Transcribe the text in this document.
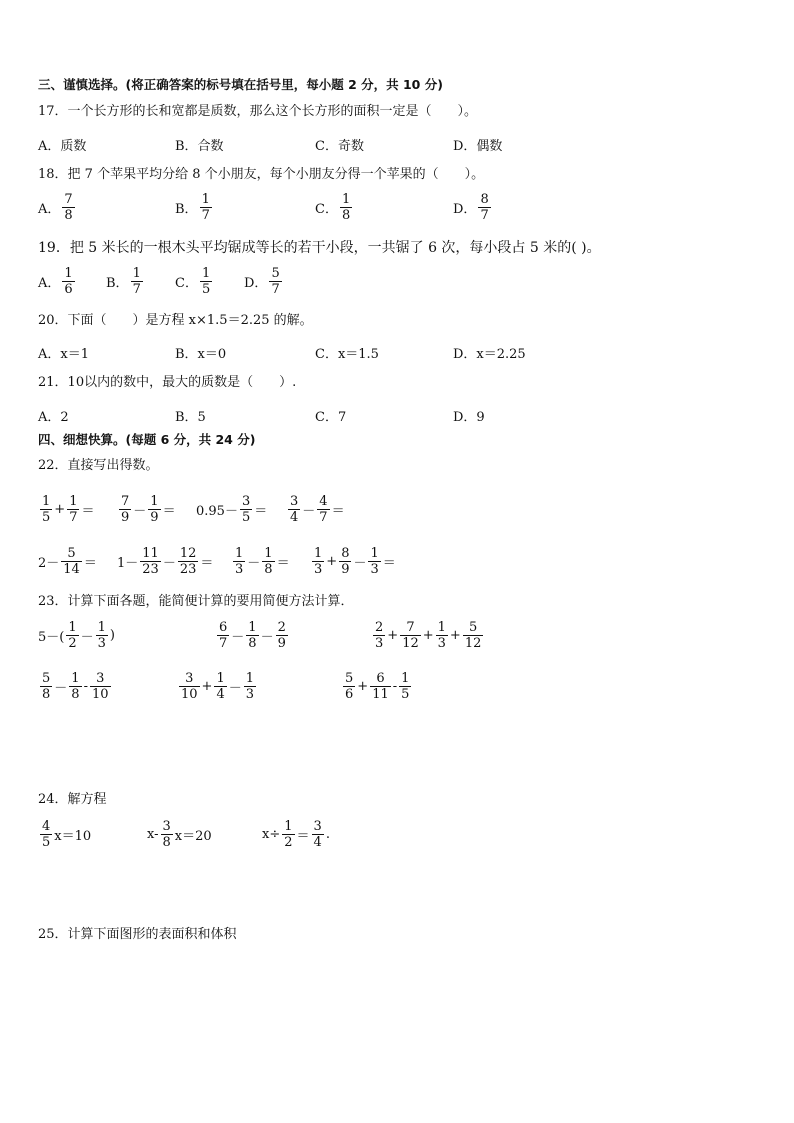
三、谨慎选择。(将正确答案的标号填在括号里，每小题 2 分，共 10 分)
17．一个长方形的长和宽都是质数，那么这个长方形的面积一定是（　　）。
A．质数	B．合数	C．奇数	D．偶数
18．把 7 个苹果平均分给 8 个小朋友，每个小朋友分得一个苹果的（　　）。
A．
7
8	B．
1
7	C．
1
8	D．
8
7
19．把 5 米长的一根木头平均锯成等长的若干小段，一共锯了 6 次，每小段占 5 米的( )。
A．
1
6	B．
1
7	C．
1
5	D．
5
7
20．下面（　　）是方程 x×1.5＝2.25 的解。
A．x＝1	B．x＝0	C．x＝1.5	D．x＝2.25
21．10以内的数中，最大的质数是（　　）.
A．2	B．5	C．7	D．9
四、细想快算。(每题 6 分，共 24 分)
22．直接写出得数。
1
5
+ $\frac{1}{7}$ ＝
7
9 －
1
9 ＝ 0.95－
3
5 ＝
3
4 －
4
7 ＝
2－
5
14 ＝ 1－
11
23 －
12
23 ＝
1
3 －
1
8 ＝
1
3
+ $\frac{8}{9}$ －
1
3 ＝
23．计算下面各题，能简便计算的要用简便方法计算．
5－(
1
2 －
1
3
)
6
7 －
1
8 －
2
9
2
3
+ $\frac{7}{12} + \frac{1}{3} + \frac{5}{12}$
5
8 －
1
8
-
3
10
3
10
+ $\frac{1}{4}$ －
1
3
5
6
+ $\frac{6}{11}$ -
1
5
24．解方程
4
5 x＝10	x-
3
8 x＝20	$x\div \frac{1}{2}$ ＝
3
4
.
25．计算下面图形的表面积和体积
